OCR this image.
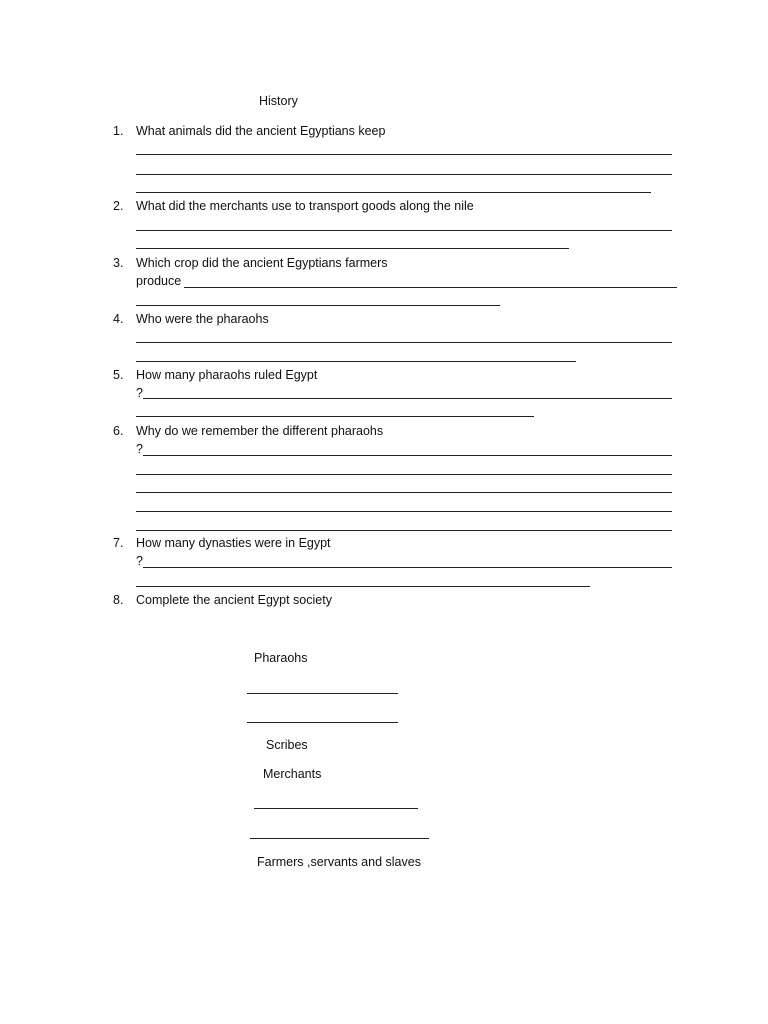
History
1. What animals did the ancient Egyptians keep
2. What did the merchants use to transport goods along the nile
3. Which crop did the ancient Egyptians farmers
produce
4. Who were the pharaohs
5. How many pharaohs ruled Egypt
?
6. Why do we remember the different pharaohs
?
7. How many dynasties were in Egypt
?
8. Complete the ancient Egypt society
Pharaohs
Scribes
Merchants
Farmers ,servants and slaves
